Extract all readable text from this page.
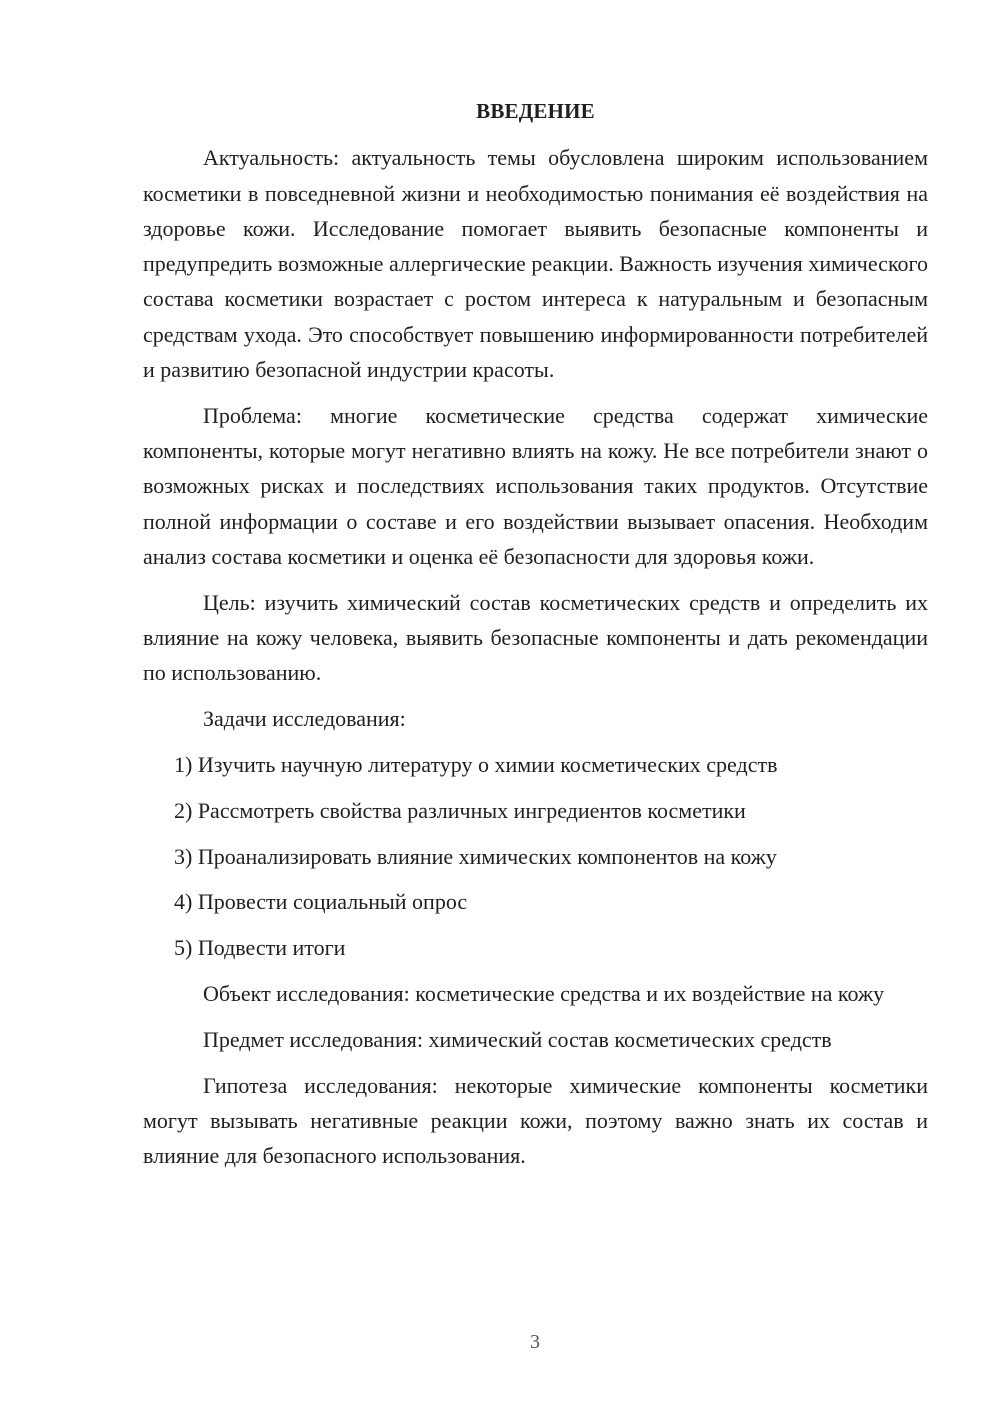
ВВЕДЕНИЕ

Актуальность: актуальность темы обусловлена широким использованием косметики в повседневной жизни и необходимостью понимания её воздействия на здоровье кожи. Исследование помогает выявить безопасные компоненты и предупредить возможные аллергические реакции. Важность изучения химического состава косметики возрастает с ростом интереса к натуральным и безопасным средствам ухода. Это способствует повышению информированности потребителей и развитию безопасной индустрии красоты.

Проблема: многие косметические средства содержат химические компоненты, которые могут негативно влиять на кожу. Не все потребители знают о возможных рисках и последствиях использования таких продуктов. Отсутствие полной информации о составе и его воздействии вызывает опасения. Необходим анализ состава косметики и оценка её безопасности для здоровья кожи.

Цель: изучить химический состав косметических средств и определить их влияние на кожу человека, выявить безопасные компоненты и дать рекомендации по использованию.

Задачи исследования:

1) Изучить научную литературу о химии косметических средств
2) Рассмотреть свойства различных ингредиентов косметики
3) Проанализировать влияние химических компонентов на кожу
4) Провести социальный опрос
5) Подвести итоги

Объект исследования: косметические средства и их воздействие на кожу

Предмет исследования: химический состав косметических средств

Гипотеза исследования: некоторые химические компоненты косметики могут вызывать негативные реакции кожи, поэтому важно знать их состав и влияние для безопасного использования.

3
